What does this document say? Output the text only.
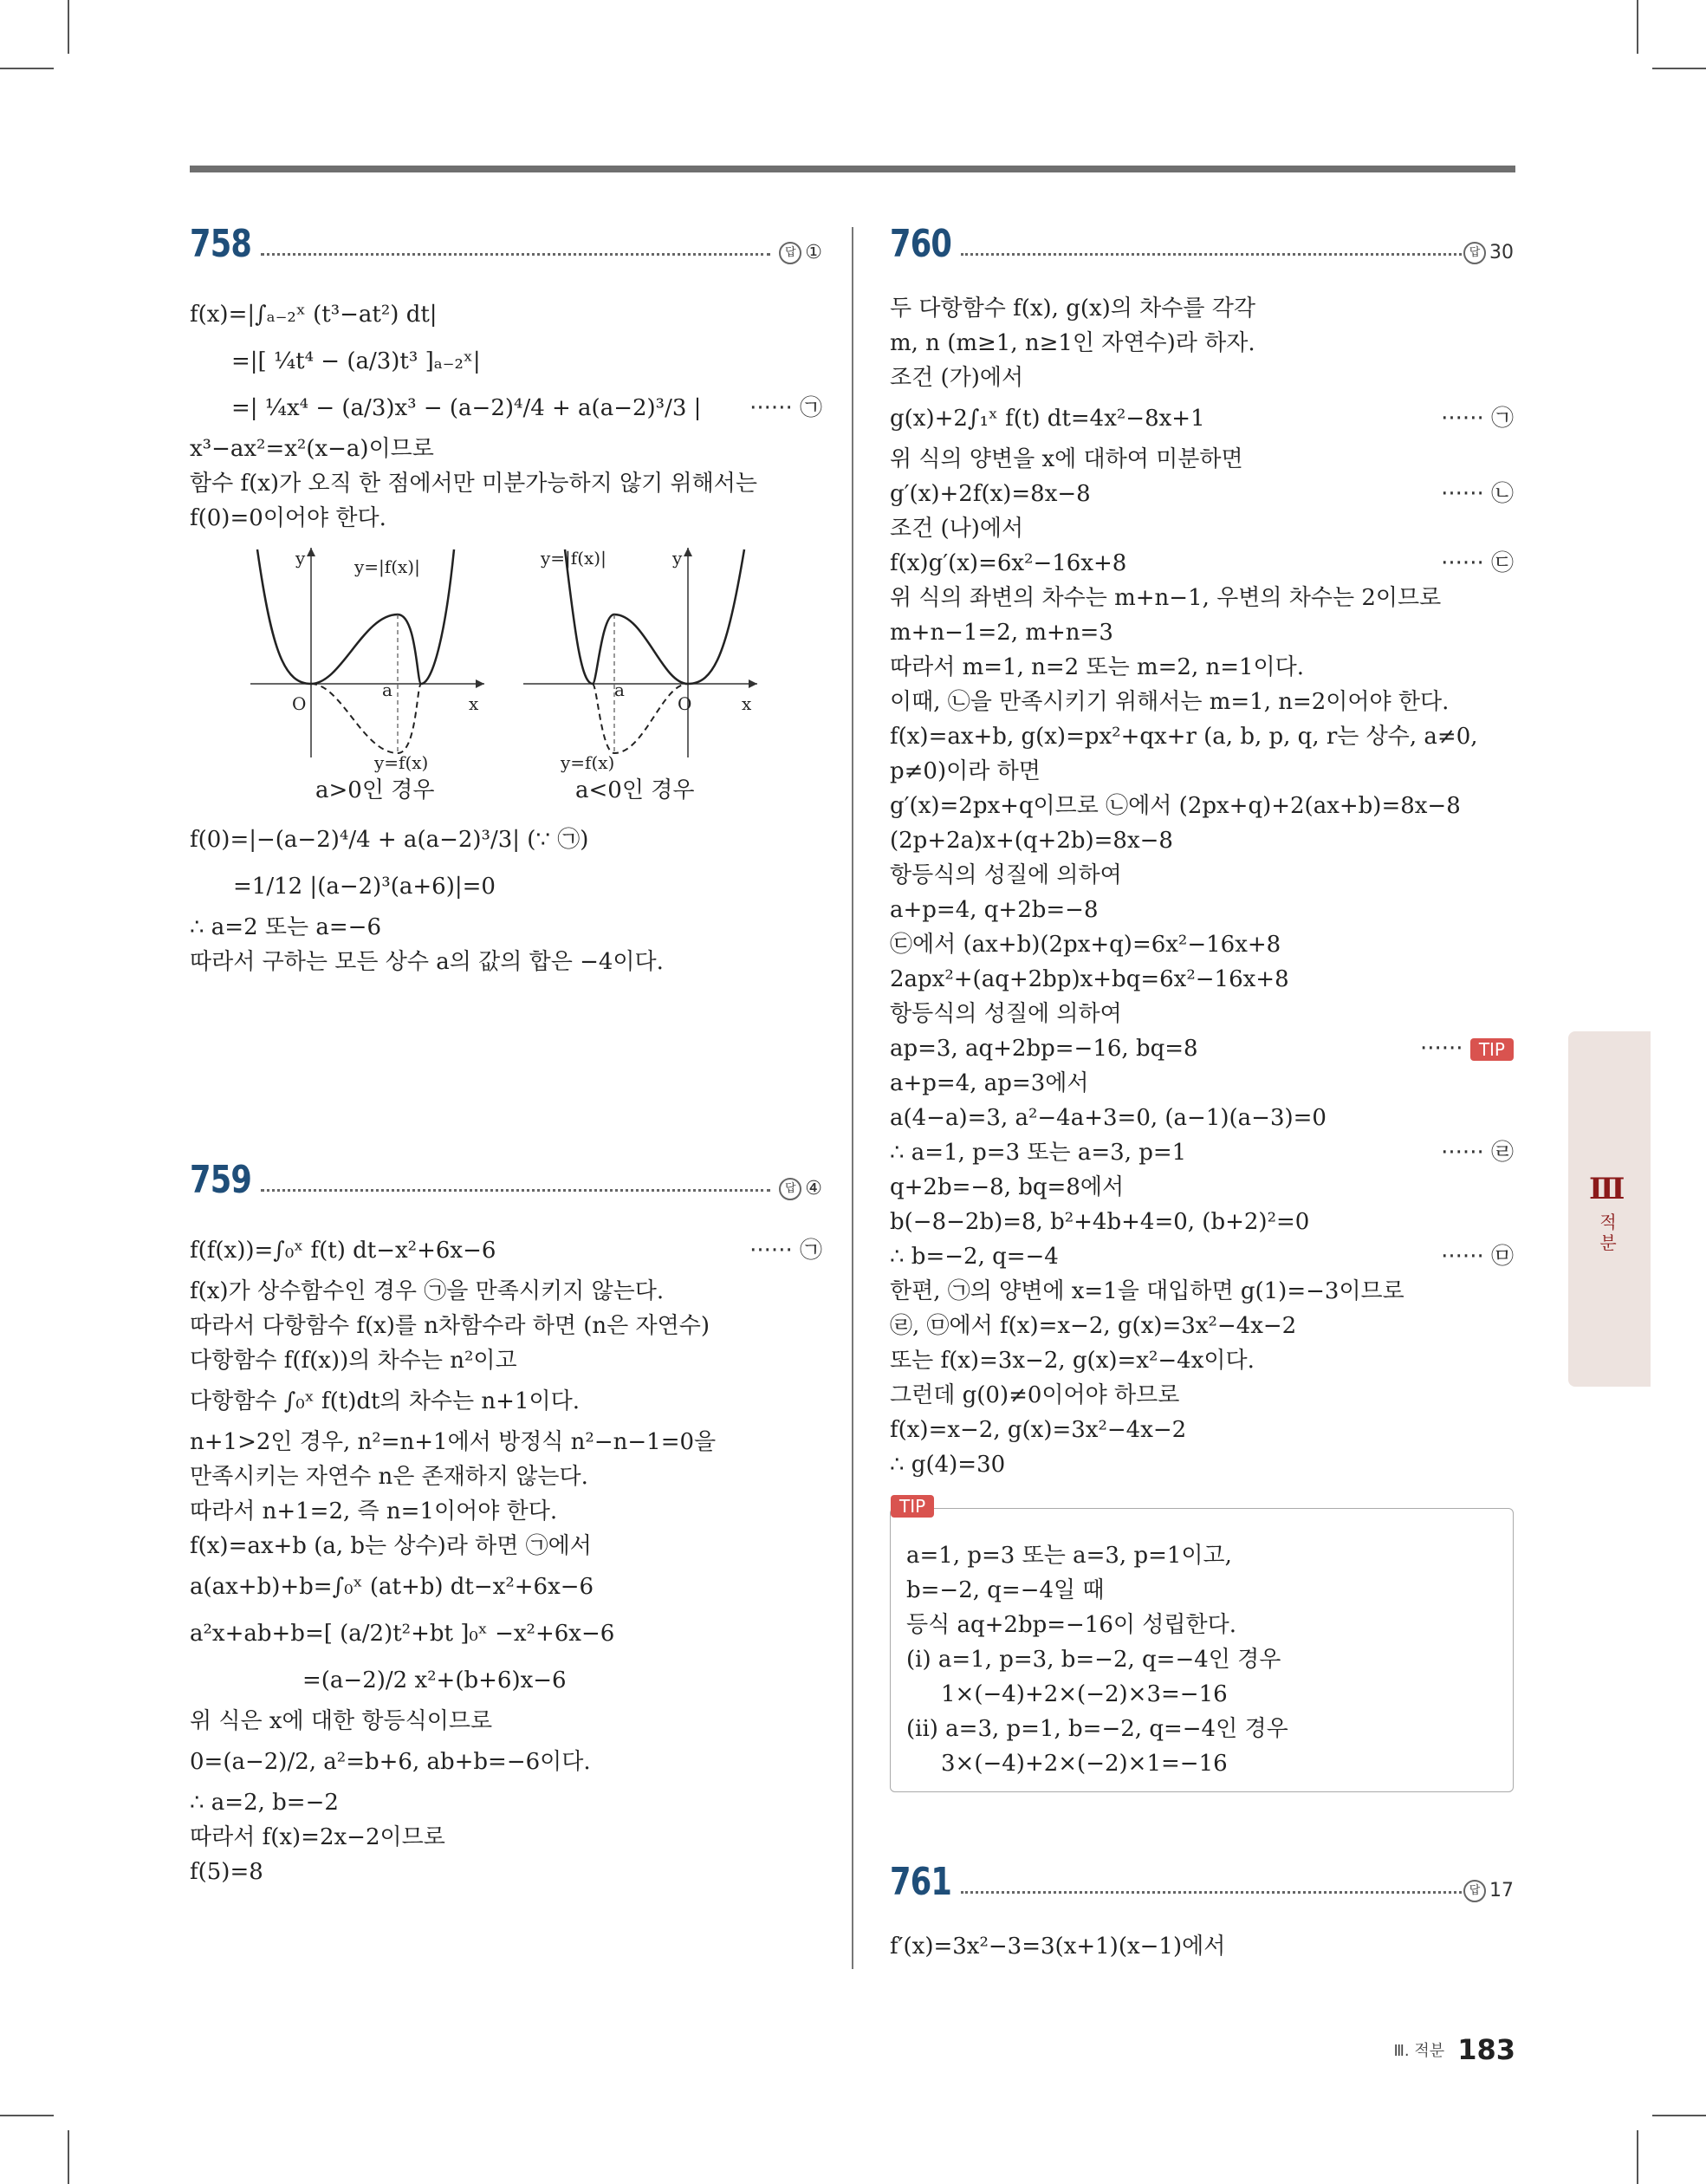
758	답 ①
f(x)=|∫ₐ₋₂ˣ (t³−at²) dt|
=|[ ¼t⁴ − (a/3)t³ ]ₐ₋₂ˣ|
=| ¼x⁴ − (a/3)x³ − (a−2)⁴/4 + a(a−2)³/3 | ······ ㉠
x³−ax²=x²(x−a)이므로
함수 f(x)가 오직 한 점에서만 미분가능하지 않기 위해서는
f(0)=0이어야 한다.
y	y=|f(x)|
O
a
x
y=f(x)
a>0인 경우
y=|f(x)|	y
a
O	x
y=f(x)
a<0인 경우
f(0)=|−(a−2)⁴/4 + a(a−2)³/3| (∵ ㉠)
=1/12 |(a−2)³(a+6)|=0
∴ a=2 또는 a=−6
따라서 구하는 모든 상수 a의 값의 합은 −4이다.
759	답 ④
f(f(x))=∫₀ˣ f(t) dt−x²+6x−6	······ ㉠
f(x)가 상수함수인 경우 ㉠을 만족시키지 않는다.
따라서 다항함수 f(x)를 n차함수라 하면 (n은 자연수)
다항함수 f(f(x))의 차수는 n²이고
다항함수 ∫₀ˣ f(t)dt의 차수는 n+1이다.
n+1>2인 경우, n²=n+1에서 방정식 n²−n−1=0을
만족시키는 자연수 n은 존재하지 않는다.
따라서 n+1=2, 즉 n=1이어야 한다.
f(x)=ax+b (a, b는 상수)라 하면 ㉠에서
a(ax+b)+b=∫₀ˣ (at+b) dt−x²+6x−6
a²x+ab+b=[ (a/2)t²+bt ]₀ˣ −x²+6x−6
=(a−2)/2 x²+(b+6)x−6
위 식은 x에 대한 항등식이므로
0=(a−2)/2, a²=b+6, ab+b=−6이다.
∴ a=2, b=−2
따라서 f(x)=2x−2이므로
f(5)=8
760	답 30
두 다항함수 f(x), g(x)의 차수를 각각
m, n (m≥1, n≥1인 자연수)라 하자.
조건 (가)에서
g(x)+2∫₁ˣ f(t) dt=4x²−8x+1	······ ㉠
위 식의 양변을 x에 대하여 미분하면
g′(x)+2f(x)=8x−8	······ ㉡
조건 (나)에서
f(x)g′(x)=6x²−16x+8	······ ㉢
위 식의 좌변의 차수는 m+n−1, 우변의 차수는 2이므로
m+n−1=2, m+n=3
따라서 m=1, n=2 또는 m=2, n=1이다.
이때, ㉡을 만족시키기 위해서는 m=1, n=2이어야 한다.
f(x)=ax+b, g(x)=px²+qx+r (a, b, p, q, r는 상수, a≠0,
p≠0)이라 하면
g′(x)=2px+q이므로 ㉡에서 (2px+q)+2(ax+b)=8x−8
(2p+2a)x+(q+2b)=8x−8
항등식의 성질에 의하여
a+p=4, q+2b=−8
㉢에서 (ax+b)(2px+q)=6x²−16x+8
2apx²+(aq+2bp)x+bq=6x²−16x+8
항등식의 성질에 의하여
ap=3, aq+2bp=−16, bq=8	······ TIP
a+p=4, ap=3에서
a(4−a)=3, a²−4a+3=0, (a−1)(a−3)=0
∴ a=1, p=3 또는 a=3, p=1	······ ㉣
q+2b=−8, bq=8에서
b(−8−2b)=8, b²+4b+4=0, (b+2)²=0
∴ b=−2, q=−4	······ ㉤
한편, ㉠의 양변에 x=1을 대입하면 g(1)=−3이므로
㉣, ㉤에서 f(x)=x−2, g(x)=3x²−4x−2
또는 f(x)=3x−2, g(x)=x²−4x이다.
그런데 g(0)≠0이어야 하므로
f(x)=x−2, g(x)=3x²−4x−2
∴ g(4)=30
TIP
a=1, p=3 또는 a=3, p=1이고,
b=−2, q=−4일 때
등식 aq+2bp=−16이 성립한다.
(i) a=1, p=3, b=−2, q=−4인 경우
1×(−4)+2×(−2)×3=−16
(ii) a=3, p=1, b=−2, q=−4인 경우
3×(−4)+2×(−2)×1=−16
761	답 17
f′(x)=3x²−3=3(x+1)(x−1)에서
Ⅲ
적분
Ⅲ. 적분 183
